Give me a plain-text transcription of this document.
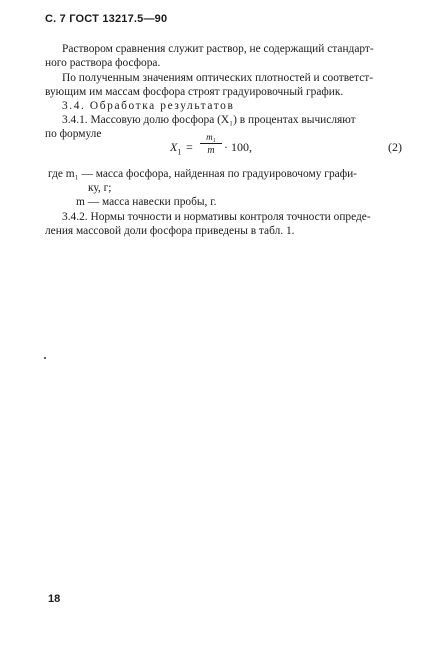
С. 7 ГОСТ 13217.5—90
Раствором сравнения служит раствор, не содержащий стандарт-
ного раствора фосфора.
По полученным значениям оптических плотностей и соответст-
вующим им массам фосфора строят градуировочный график.
3.4. Обработка результатов
3.4.1. Массовую долю фосфора (X₁) в процентах вычисляют
по формуле
$X_1 = \frac{\text{m₁}}{m} \cdot 100$,	(2)
где m₁ — масса фосфора, найденная по градуировочому графи-
ку, г;
m — масса навески пробы, г.
3.4.2. Нормы точности и нормативы контроля точности опреде-
ления массовой доли фосфора приведены в табл. 1.
18
